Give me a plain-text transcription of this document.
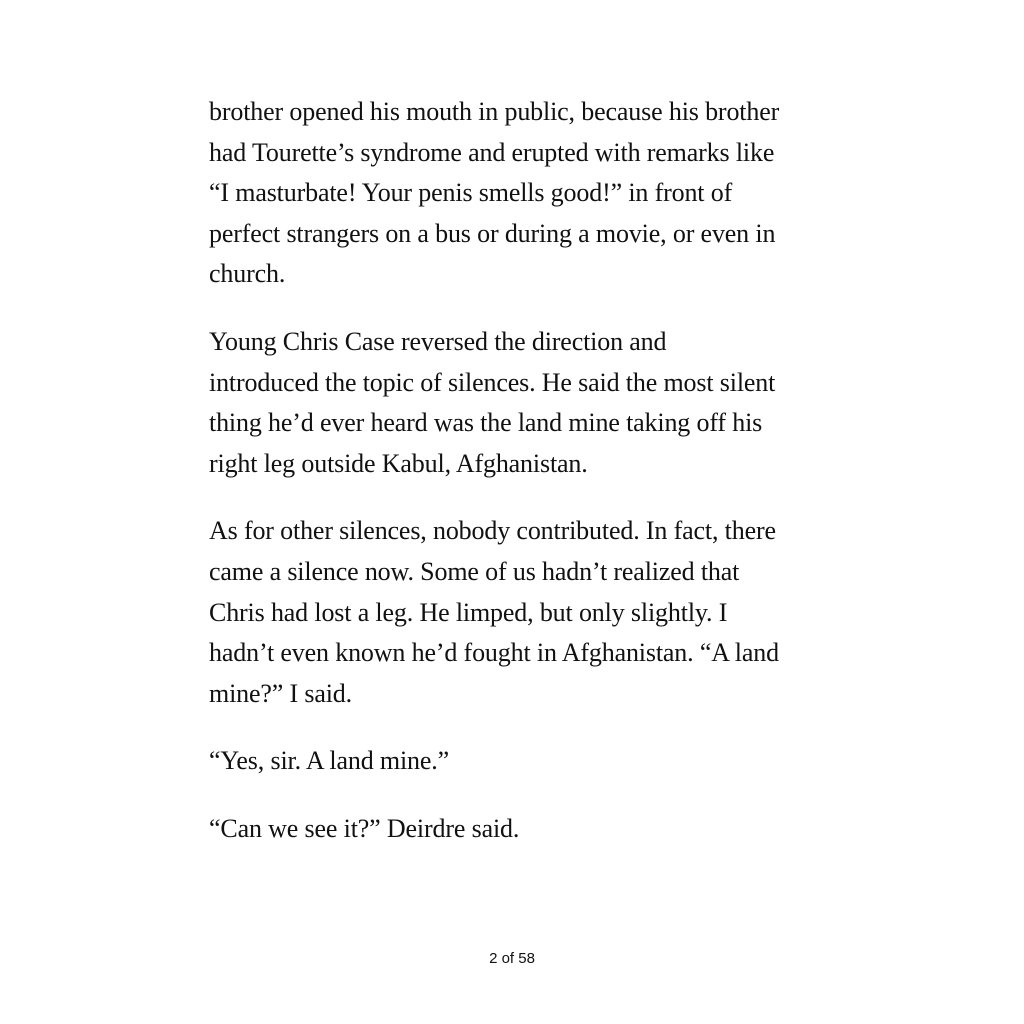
brother opened his mouth in public, because his brother
had Tourette’s syndrome and erupted with remarks like
“I masturbate! Your penis smells good!” in front of
perfect strangers on a bus or during a movie, or even in
church.

Young Chris Case reversed the direction and
introduced the topic of silences. He said the most silent
thing he’d ever heard was the land mine taking off his
right leg outside Kabul, Afghanistan.

As for other silences, nobody contributed. In fact, there
came a silence now. Some of us hadn’t realized that
Chris had lost a leg. He limped, but only slightly. I
hadn’t even known he’d fought in Afghanistan. “A land
mine?” I said.

“Yes, sir. A land mine.”

“Can we see it?” Deirdre said.

2 of 58
